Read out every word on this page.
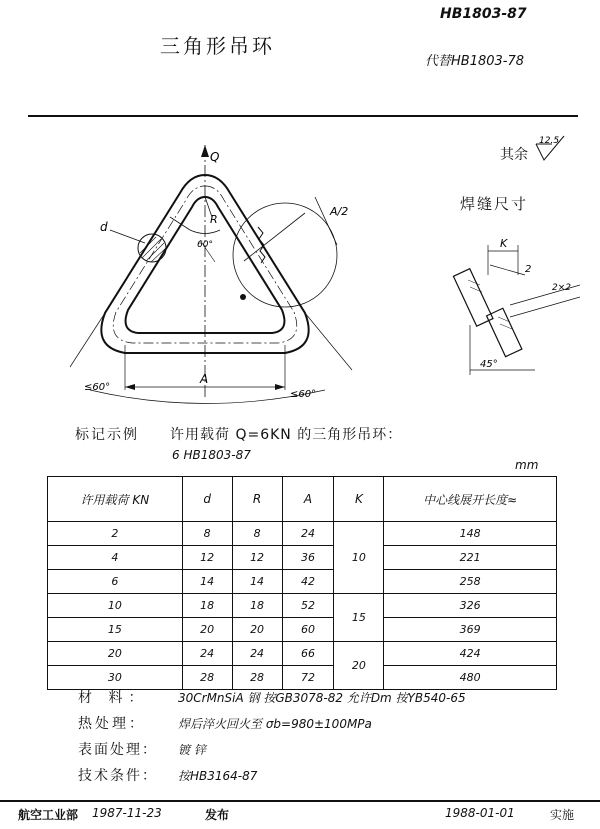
HB1803-87
三角形吊环
代替HB1803-78
其余
12.5
焊缝尺寸
Q
d
R
60°
A/2
A
≤60°
≤60°
K
2
2×2
45°
标记示例 许用载荷 Q=6KN 的三角形吊环：
6 HB1803-87
mm
许用载荷 KN	d	R	A	K	中心线展开长度≈
2	8	8	24	10	148
4	12	12	36		221
6	14	14	42		258
10	18	18	52	15	326
15	20	20	60		369
20	24	24	66	20	424
30	28	28	72		480
材 料： 30CrMnSiA 钢 按GB3078-82 允许Dm 按YB540-65
热处理：	焊后淬火回火至 σb=980±100MPa
表面处理： 镀 锌
技术条件： 按HB3164-87
航空工业部 1987-11-23	发布	1988-01-01	实施
